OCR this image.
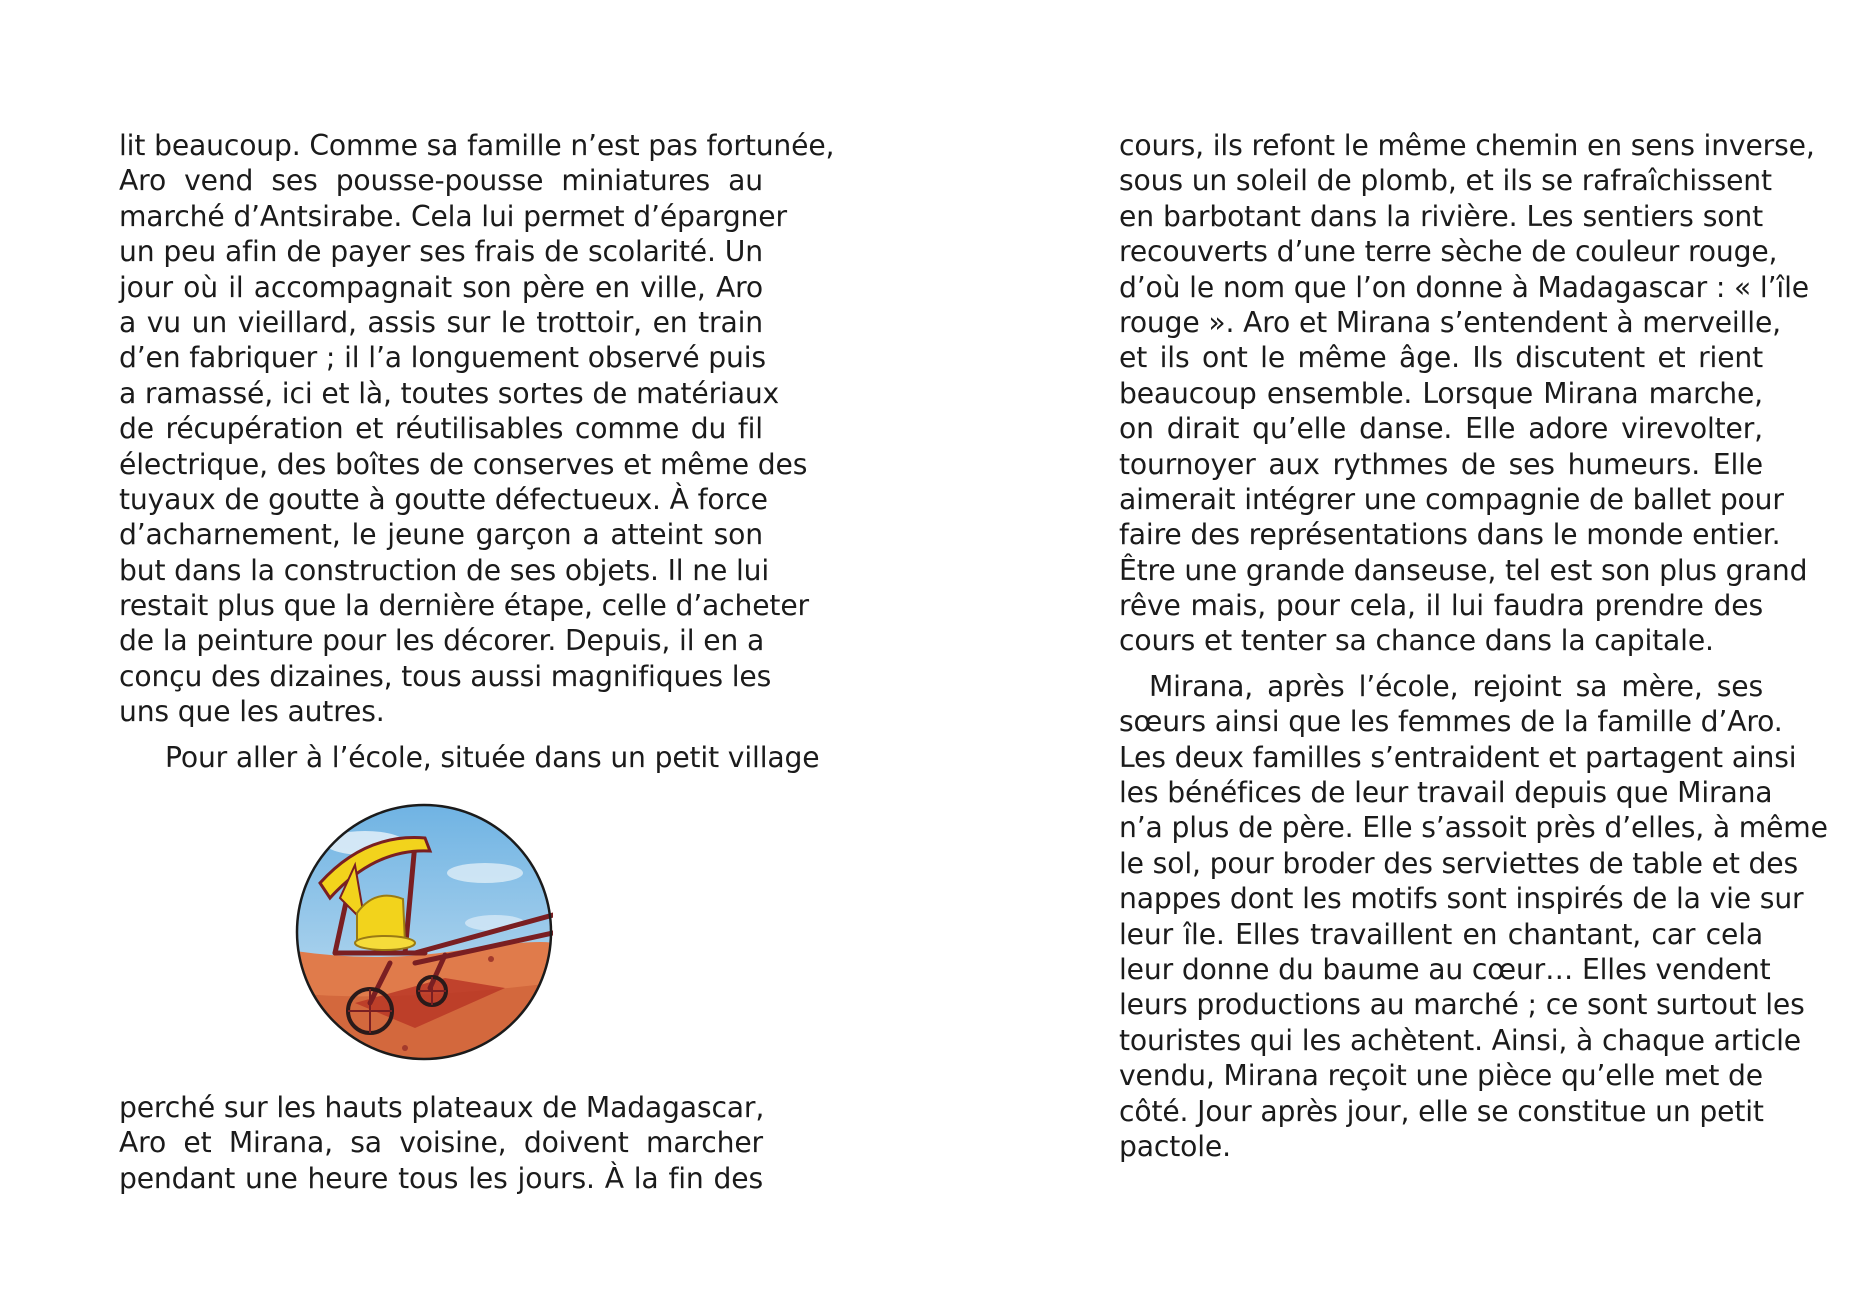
lit beaucoup. Comme sa famille n’est pas fortunée,
Aro vend ses pousse-pousse miniatures au
marché d’Antsirabe. Cela lui permet d’épargner
un peu afin de payer ses frais de scolarité. Un
jour où il accompagnait son père en ville, Aro
a vu un vieillard, assis sur le trottoir, en train
d’en fabriquer ; il l’a longuement observé puis
a ramassé, ici et là, toutes sortes de matériaux
de récupération et réutilisables comme du fil
électrique, des boîtes de conserves et même des
tuyaux de goutte à goutte défectueux. À force
d’acharnement, le jeune garçon a atteint son
but dans la construction de ses objets. Il ne lui
restait plus que la dernière étape, celle d’acheter
de la peinture pour les décorer. Depuis, il en a
conçu des dizaines, tous aussi magnifiques les
uns que les autres.
Pour aller à l’école, située dans un petit village
perché sur les hauts plateaux de Madagascar,
Aro et Mirana, sa voisine, doivent marcher
pendant une heure tous les jours. À la fin des
cours, ils refont le même chemin en sens inverse,
sous un soleil de plomb, et ils se rafraîchissent
en barbotant dans la rivière. Les sentiers sont
recouverts d’une terre sèche de couleur rouge,
d’où le nom que l’on donne à Madagascar : « l’île
rouge ». Aro et Mirana s’entendent à merveille,
et ils ont le même âge. Ils discutent et rient
beaucoup ensemble. Lorsque Mirana marche,
on dirait qu’elle danse. Elle adore virevolter,
tournoyer aux rythmes de ses humeurs. Elle
aimerait intégrer une compagnie de ballet pour
faire des représentations dans le monde entier.
Être une grande danseuse, tel est son plus grand
rêve mais, pour cela, il lui faudra prendre des
cours et tenter sa chance dans la capitale.
Mirana, après l’école, rejoint sa mère, ses
sœurs ainsi que les femmes de la famille d’Aro.
Les deux familles s’entraident et partagent ainsi
les bénéfices de leur travail depuis que Mirana
n’a plus de père. Elle s’assoit près d’elles, à même
le sol, pour broder des serviettes de table et des
nappes dont les motifs sont inspirés de la vie sur
leur île. Elles travaillent en chantant, car cela
leur donne du baume au cœur… Elles vendent
leurs productions au marché ; ce sont surtout les
touristes qui les achètent. Ainsi, à chaque article
vendu, Mirana reçoit une pièce qu’elle met de
côté. Jour après jour, elle se constitue un petit
pactole.
